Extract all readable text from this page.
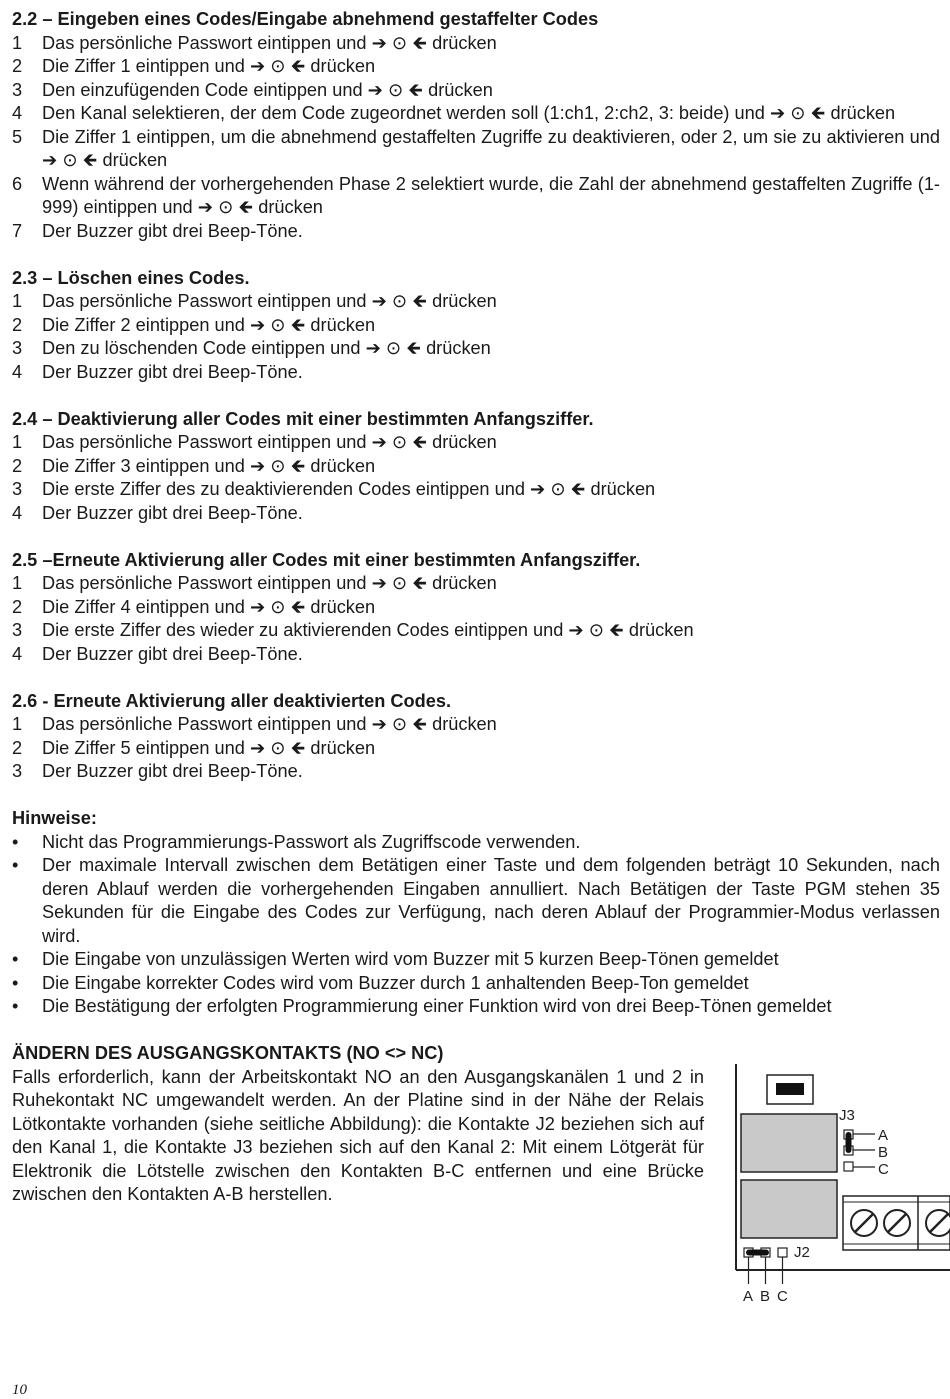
2.2 – Eingeben eines Codes/Eingabe abnehmend gestaffelter Codes
1 Das persönliche Passwort eintippen und ➔ ⊙ 🡸 drücken
2 Die Ziffer 1 eintippen und ➔ ⊙ 🡸 drücken
3 Den einzufügenden Code eintippen und ➔ ⊙ 🡸 drücken
4 Den Kanal selektieren, der dem Code zugeordnet werden soll (1:ch1, 2:ch2, 3: beide) und ➔ ⊙ 🡸 drücken
5 Die Ziffer 1 eintippen, um die abnehmend gestaffelten Zugriffe zu deaktivieren, oder 2, um sie zu aktivieren und ➔ ⊙ 🡸 drücken
6 Wenn während der vorhergehenden Phase 2 selektiert wurde, die Zahl der abnehmend gestaffelten Zugriffe (1-999) eintippen und ➔ ⊙ 🡸 drücken
7 Der Buzzer gibt drei Beep-Töne.
2.3 – Löschen eines Codes.
1 Das persönliche Passwort eintippen und ➔ ⊙ 🡸 drücken
2 Die Ziffer 2 eintippen und ➔ ⊙ 🡸 drücken
3 Den zu löschenden Code eintippen und ➔ ⊙ 🡸 drücken
4 Der Buzzer gibt drei Beep-Töne.
2.4 – Deaktivierung aller Codes mit einer bestimmten Anfangsziffer.
1 Das persönliche Passwort eintippen und ➔ ⊙ 🡸 drücken
2 Die Ziffer 3 eintippen und ➔ ⊙ 🡸 drücken
3 Die erste Ziffer des zu deaktivierenden Codes eintippen und ➔ ⊙ 🡸 drücken
4 Der Buzzer gibt drei Beep-Töne.
2.5 –Erneute Aktivierung aller Codes mit einer bestimmten Anfangsziffer.
1 Das persönliche Passwort eintippen und ➔ ⊙ 🡸 drücken
2 Die Ziffer 4 eintippen und ➔ ⊙ 🡸 drücken
3 Die erste Ziffer des wieder zu aktivierenden Codes eintippen und ➔ ⊙ 🡸 drücken
4 Der Buzzer gibt drei Beep-Töne.
2.6 - Erneute Aktivierung aller deaktivierten Codes.
1 Das persönliche Passwort eintippen und ➔ ⊙ 🡸 drücken
2 Die Ziffer 5 eintippen und ➔ ⊙ 🡸 drücken
3 Der Buzzer gibt drei Beep-Töne.
Hinweise:
• Nicht das Programmierungs-Passwort als Zugriffscode verwenden.
• Der maximale Intervall zwischen dem Betätigen einer Taste und dem folgenden beträgt 10 Sekunden, nach deren Ablauf werden die vorhergehenden Eingaben annulliert. Nach Betätigen der Taste PGM stehen 35 Sekunden für die Eingabe des Codes zur Verfügung, nach deren Ablauf der Programmier-Modus verlassen wird.
• Die Eingabe von unzulässigen Werten wird vom Buzzer mit 5 kurzen Beep-Tönen gemeldet
• Die Eingabe korrekter Codes wird vom Buzzer durch 1 anhaltenden Beep-Ton gemeldet
• Die Bestätigung der erfolgten Programmierung einer Funktion wird von drei Beep-Tönen gemeldet
ÄNDERN DES AUSGANGSKONTAKTS (NO <> NC)
Falls erforderlich, kann der Arbeitskontakt NO an den Ausgangskanälen 1 und 2 in Ruhekontakt NC umgewandelt werden. An der Platine sind in der Nähe der Relais Lötkontakte vorhanden (siehe seitliche Abbildung): die Kontakte J2 beziehen sich auf den Kanal 1, die Kontakte J3 beziehen sich auf den Kanal 2: Mit einem Lötgerät für Elektronik die Lötstelle zwischen den Kontakten B-C entfernen und eine Brücke zwischen den Kontakten A-B herstellen.
10
J3
A
B
C
J2
A B C
